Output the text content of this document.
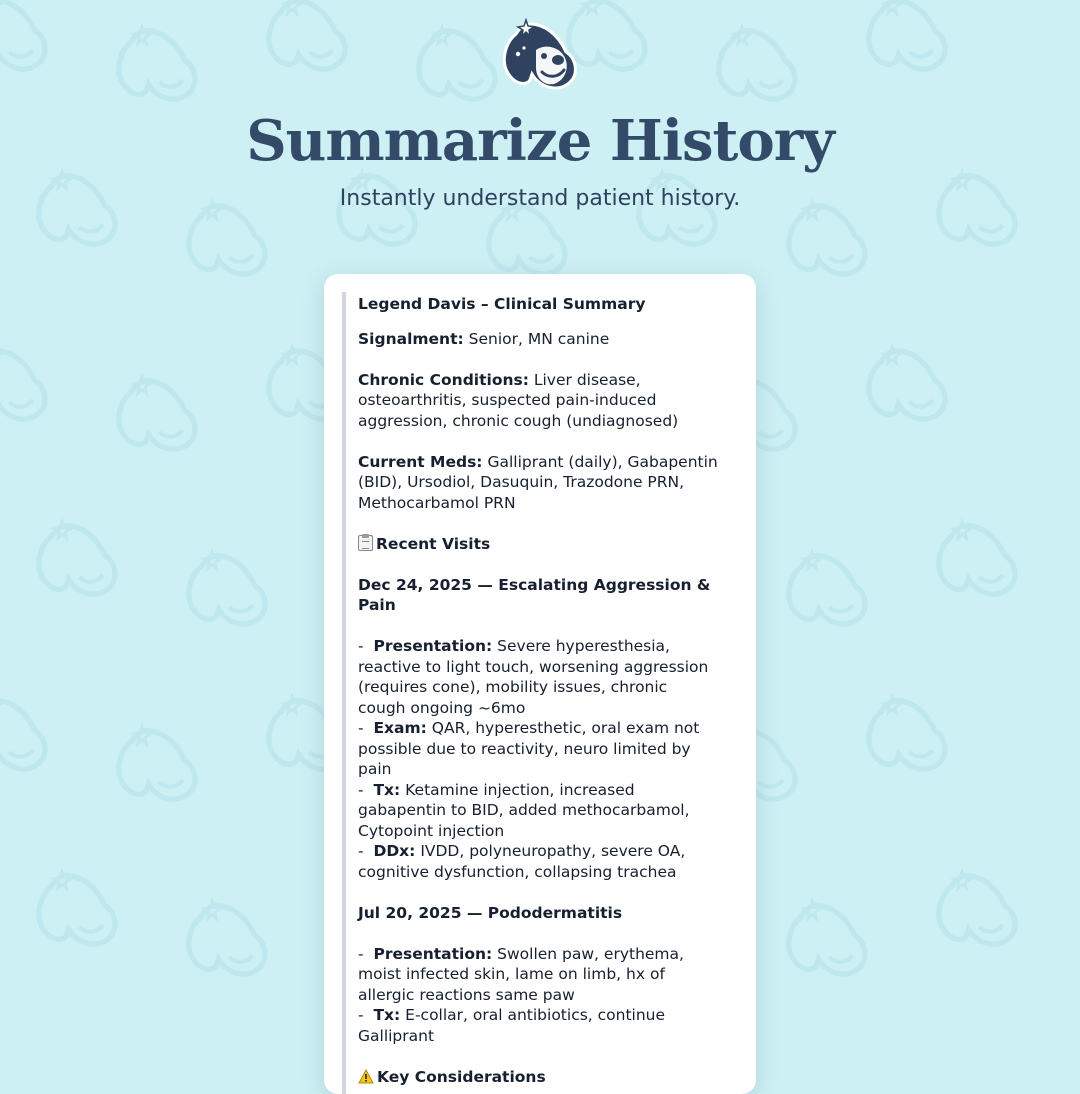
Summarize History

Instantly understand patient history.

Legend Davis – Clinical Summary

Signalment: Senior, MN canine

Chronic Conditions: Liver disease, osteoarthritis, suspected pain-induced aggression, chronic cough (undiagnosed)

Current Meds: Galliprant (daily), Gabapentin (BID), Ursodiol, Dasuquin, Trazodone PRN, Methocarbamol PRN

Recent Visits

Dec 24, 2025 — Escalating Aggression & Pain

-  Presentation: Severe hyperesthesia, reactive to light touch, worsening aggression (requires cone), mobility issues, chronic cough ongoing ~6mo

-  Exam: QAR, hyperesthetic, oral exam not possible due to reactivity, neuro limited by pain

-  Tx: Ketamine injection, increased gabapentin to BID, added methocarbamol, Cytopoint injection

-  DDx: IVDD, polyneuropathy, severe OA, cognitive dysfunction, collapsing trachea

Jul 20, 2025 — Pododermatitis

-  Presentation: Swollen paw, erythema, moist infected skin, lame on limb, hx of allergic reactions same paw

-  Tx: E-collar, oral antibiotics, continue Galliprant

Key Considerations
